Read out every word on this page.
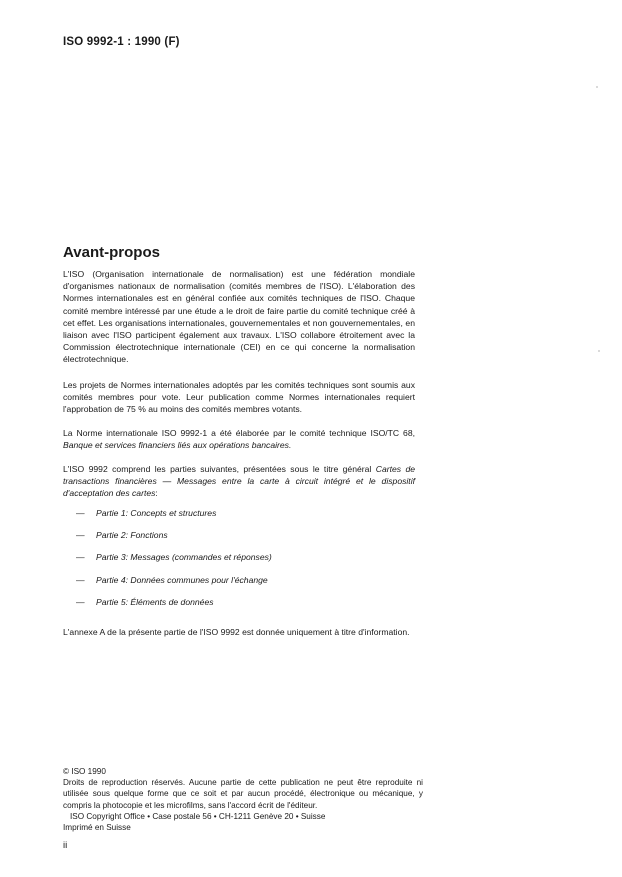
ISO 9992-1 : 1990 (F)
Avant-propos

L'ISO (Organisation internationale de normalisation) est une fédération mondiale d'organismes nationaux de normalisation (comités membres de l'ISO). L'élaboration des Normes internationales est en général confiée aux comités techniques de l'ISO. Chaque comité membre intéressé par une étude a le droit de faire partie du comité technique créé à cet effet. Les organisations internationales, gouvernementales et non gouvernementales, en liaison avec l'ISO participent également aux travaux. L'ISO collabore étroitement avec la Commission électrotechnique internationale (CEI) en ce qui concerne la normalisation électrotechnique.

Les projets de Normes internationales adoptés par les comités techniques sont soumis aux comités membres pour vote. Leur publication comme Normes internationales requiert l'approbation de 75 % au moins des comités membres votants.

La Norme internationale ISO 9992-1 a été élaborée par le comité technique ISO/TC 68, Banque et services financiers liés aux opérations bancaires.

L'ISO 9992 comprend les parties suivantes, présentées sous le titre général Cartes de transactions financières — Messages entre la carte à circuit intégré et le dispositif d'acceptation des cartes:

—	Partie 1: Concepts et structures
—	Partie 2: Fonctions
—	Partie 3: Messages (commandes et réponses)
—	Partie 4: Données communes pour l'échange
—	Partie 5: Éléments de données

L'annexe A de la présente partie de l'ISO 9992 est donnée uniquement à titre d'information.

© ISO 1990
Droits de reproduction réservés. Aucune partie de cette publication ne peut être reproduite ni utilisée sous quelque forme que ce soit et par aucun procédé, électronique ou mécanique, y compris la photocopie et les microfilms, sans l'accord écrit de l'éditeur.
ISO Copyright Office • Case postale 56 • CH-1211 Genève 20 • Suisse
Imprimé en Suisse
ii
